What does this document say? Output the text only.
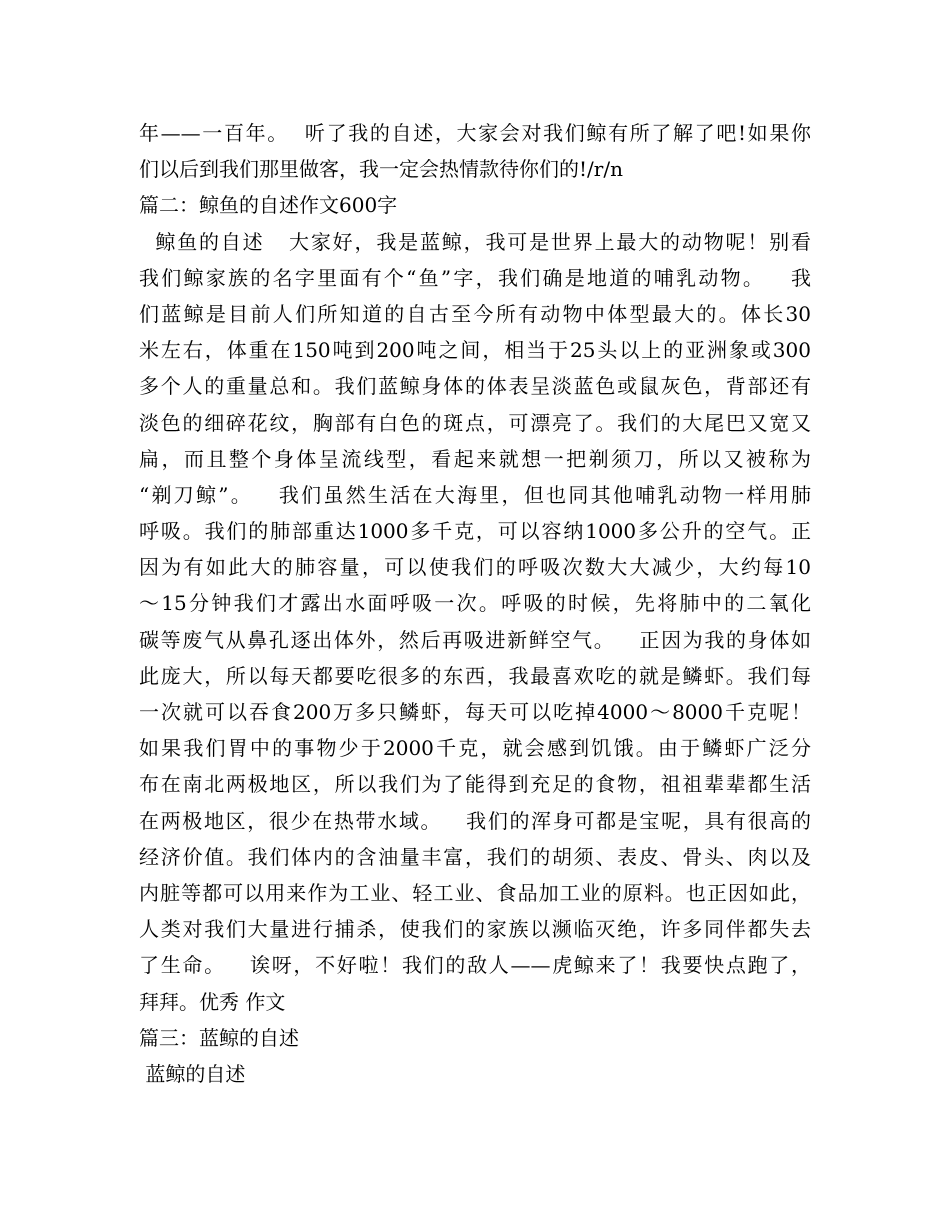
年——一百年。  听了我的自述，大家会对我们鲸有所了解了吧!如果你
们以后到我们那里做客，我一定会热情款待你们的!/r/n
篇二：鲸鱼的自述作文600字
鲸鱼的自述   大家好，我是蓝鲸，我可是世界上最大的动物呢！别看
我们鲸家族的名字里面有个“鱼”字，我们确是地道的哺乳动物。   我
们蓝鲸是目前人们所知道的自古至今所有动物中体型最大的。体长30
米左右，体重在150吨到200吨之间，相当于25头以上的亚洲象或300
多个人的重量总和。我们蓝鲸身体的体表呈淡蓝色或鼠灰色，背部还有
淡色的细碎花纹，胸部有白色的斑点，可漂亮了。我们的大尾巴又宽又
扁，而且整个身体呈流线型，看起来就想一把剃须刀，所以又被称为
“剃刀鲸”。   我们虽然生活在大海里，但也同其他哺乳动物一样用肺
呼吸。我们的肺部重达1000多千克，可以容纳1000多公升的空气。正
因为有如此大的肺容量，可以使我们的呼吸次数大大减少，大约每10
～15分钟我们才露出水面呼吸一次。呼吸的时候，先将肺中的二氧化
碳等废气从鼻孔逐出体外，然后再吸进新鲜空气。   正因为我的身体如
此庞大，所以每天都要吃很多的东西，我最喜欢吃的就是鳞虾。我们每
一次就可以吞食200万多只鳞虾，每天可以吃掉4000～8000千克呢！
如果我们胃中的事物少于2000千克，就会感到饥饿。由于鳞虾广泛分
布在南北两极地区，所以我们为了能得到充足的食物，祖祖辈辈都生活
在两极地区，很少在热带水域。   我们的浑身可都是宝呢，具有很高的
经济价值。我们体内的含油量丰富，我们的胡须、表皮、骨头、肉以及
内脏等都可以用来作为工业、轻工业、食品加工业的原料。也正因如此，
人类对我们大量进行捕杀，使我们的家族以濒临灭绝，许多同伴都失去
了生命。   诶呀，不好啦！我们的敌人——虎鲸来了！我要快点跑了，
拜拜。优秀 作文
篇三：蓝鲸的自述
蓝鲸的自述
